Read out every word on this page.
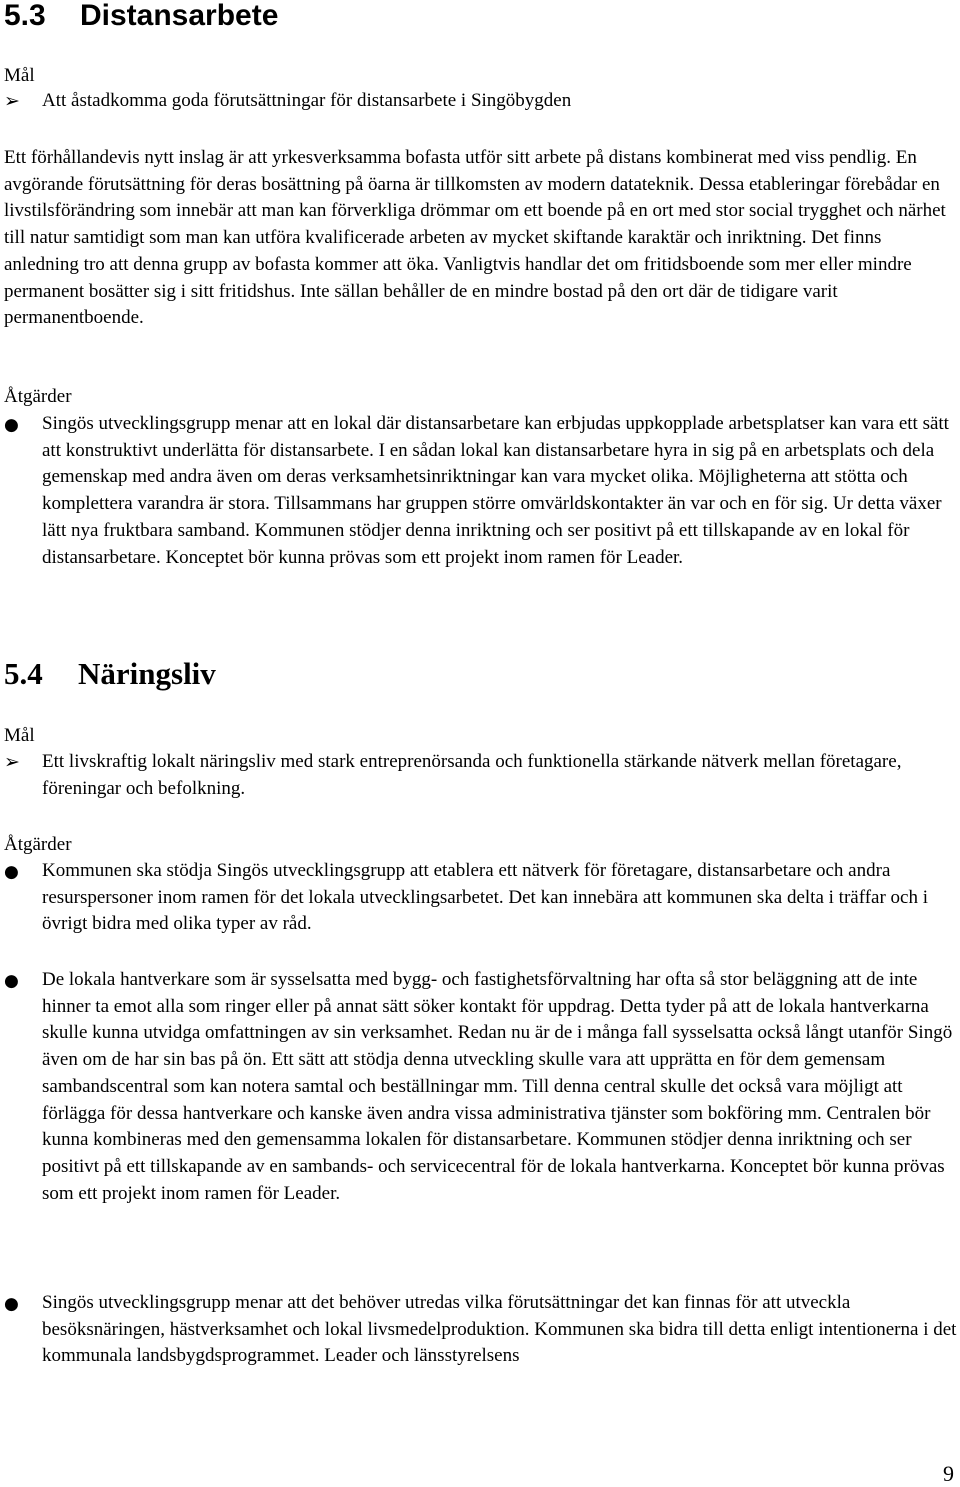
5.3 Distansarbete
Mål
➢	Att åstadkomma goda förutsättningar för distansarbete i Singöbygden
Ett förhållandevis nytt inslag är att yrkesverksamma bofasta utför sitt arbete på distans kombinerat med viss pendlig. En avgörande förutsättning för deras bosättning på öarna är tillkomsten av modern datateknik. Dessa etableringar förebådar en livstilsförändring som innebär att man kan förverkliga drömmar om ett boende på en ort med stor social trygghet och närhet till natur samtidigt som man kan utföra kvalificerade arbeten av mycket skiftande karaktär och inriktning. Det finns anledning tro att denna grupp av bofasta kommer att öka. Vanligtvis handlar det om fritidsboende som mer eller mindre permanent bosätter sig i sitt fritidshus. Inte sällan behåller de en mindre bostad på den ort där de tidigare varit permanentboende.
Åtgärder
●	Singös utvecklingsgrupp menar att en lokal där distansarbetare kan erbjudas uppkopplade arbetsplatser kan vara ett sätt att konstruktivt underlätta för distansarbete. I en sådan lokal kan distansarbetare hyra in sig på en arbetsplats och dela gemenskap med andra även om deras verksamhetsinriktningar kan vara mycket olika. Möjligheterna att stötta och komplettera varandra är stora. Tillsammans har gruppen större omvärldskontakter än var och en för sig. Ur detta växer lätt nya fruktbara samband. Kommunen stödjer denna inriktning och ser positivt på ett tillskapande av en lokal för distansarbetare. Konceptet bör kunna prövas som ett projekt inom ramen för Leader.
5.4 Näringsliv
Mål
➢	Ett livskraftig lokalt näringsliv med stark entreprenörsanda och funktionella stärkande nätverk mellan företagare, föreningar och befolkning.
Åtgärder
●	Kommunen ska stödja Singös utvecklingsgrupp att etablera ett nätverk för företagare, distansarbetare och andra resurspersoner inom ramen för det lokala utvecklingsarbetet. Det kan innebära att kommunen ska delta i träffar och i övrigt bidra med olika typer av råd.
●	De lokala hantverkare som är sysselsatta med bygg- och fastighetsförvaltning har ofta så stor beläggning att de inte hinner ta emot alla som ringer eller på annat sätt söker kontakt för uppdrag. Detta tyder på att de lokala hantverkarna skulle kunna utvidga omfattningen av sin verksamhet. Redan nu är de i många fall sysselsatta också långt utanför Singö även om de har sin bas på ön. Ett sätt att stödja denna utveckling skulle vara att upprätta en för dem gemensam sambandscentral som kan notera samtal och beställningar mm. Till denna central skulle det också vara möjligt att förlägga för dessa hantverkare och kanske även andra vissa administrativa tjänster som bokföring mm. Centralen bör kunna kombineras med den gemensamma lokalen för distansarbetare. Kommunen stödjer denna inriktning och ser positivt på ett tillskapande av en sambands- och servicecentral för de lokala hantverkarna. Konceptet bör kunna prövas som ett projekt inom ramen för Leader.
●	Singös utvecklingsgrupp menar att det behöver utredas vilka förutsättningar det kan finnas för att utveckla besöksnäringen, hästverksamhet och lokal livsmedelproduktion. Kommunen ska bidra till detta enligt intentionerna i det kommunala landsbygdsprogrammet. Leader och länsstyrelsens
9
